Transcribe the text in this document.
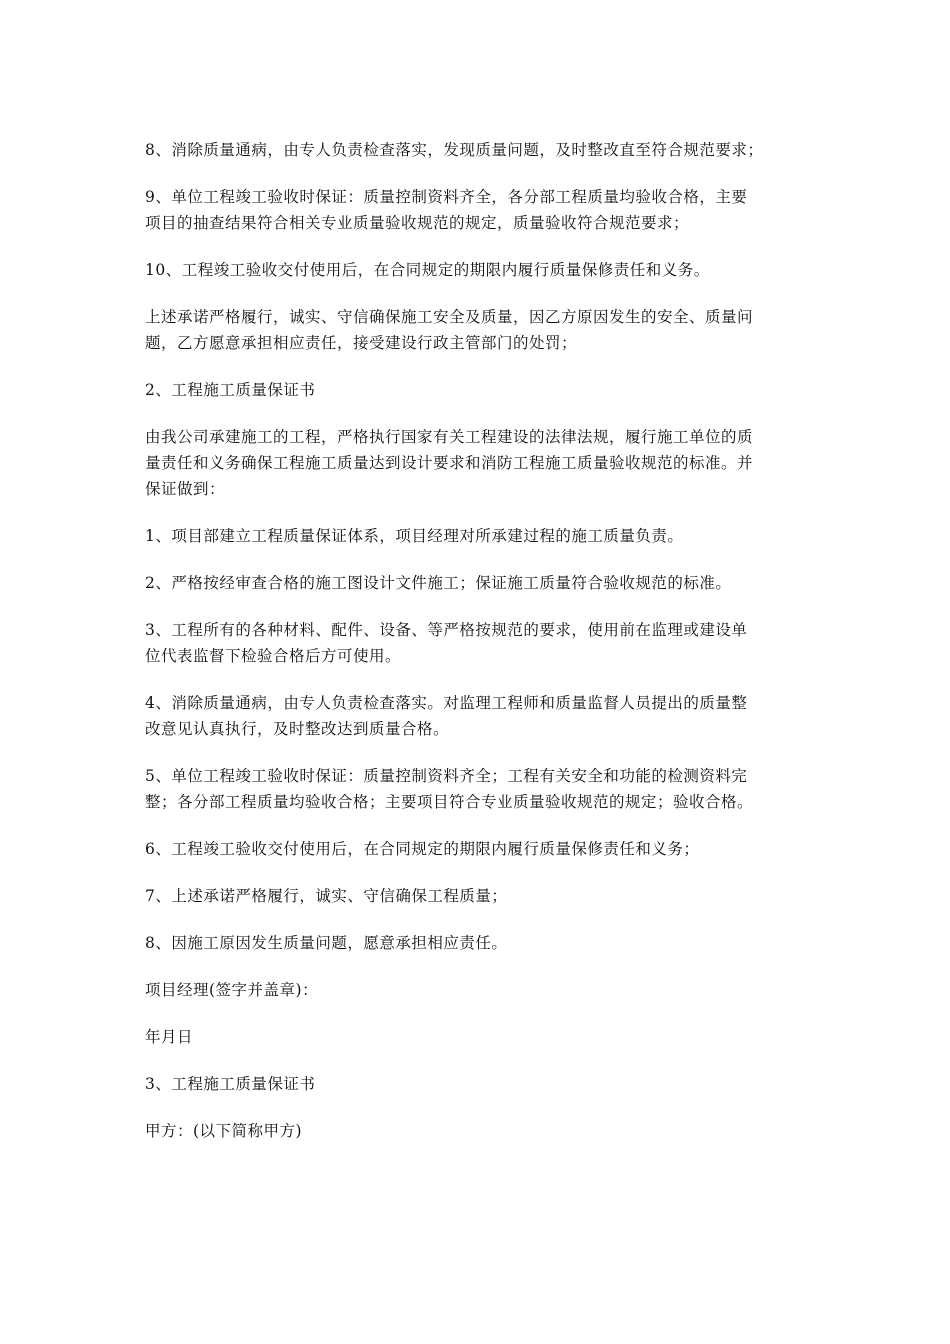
8、消除质量通病，由专人负责检查落实，发现质量问题，及时整改直至符合规范要求；

9、单位工程竣工验收时保证：质量控制资料齐全，各分部工程质量均验收合格，主要
项目的抽查结果符合相关专业质量验收规范的规定，质量验收符合规范要求；

10、工程竣工验收交付使用后，在合同规定的期限内履行质量保修责任和义务。

上述承诺严格履行，诚实、守信确保施工安全及质量，因乙方原因发生的安全、质量问
题，乙方愿意承担相应责任，接受建设行政主管部门的处罚；

2、工程施工质量保证书

由我公司承建施工的工程，严格执行国家有关工程建设的法律法规，履行施工单位的质
量责任和义务确保工程施工质量达到设计要求和消防工程施工质量验收规范的标准。并
保证做到：

1、项目部建立工程质量保证体系，项目经理对所承建过程的施工质量负责。

2、严格按经审查合格的施工图设计文件施工；保证施工质量符合验收规范的标准。

3、工程所有的各种材料、配件、设备、等严格按规范的要求，使用前在监理或建设单
位代表监督下检验合格后方可使用。

4、消除质量通病，由专人负责检查落实。对监理工程师和质量监督人员提出的质量整
改意见认真执行，及时整改达到质量合格。

5、单位工程竣工验收时保证：质量控制资料齐全；工程有关安全和功能的检测资料完
整；各分部工程质量均验收合格；主要项目符合专业质量验收规范的规定；验收合格。

6、工程竣工验收交付使用后，在合同规定的期限内履行质量保修责任和义务；

7、上述承诺严格履行，诚实、守信确保工程质量；

8、因施工原因发生质量问题，愿意承担相应责任。

项目经理(签字并盖章)：

年月日

3、工程施工质量保证书

甲方：(以下简称甲方)
